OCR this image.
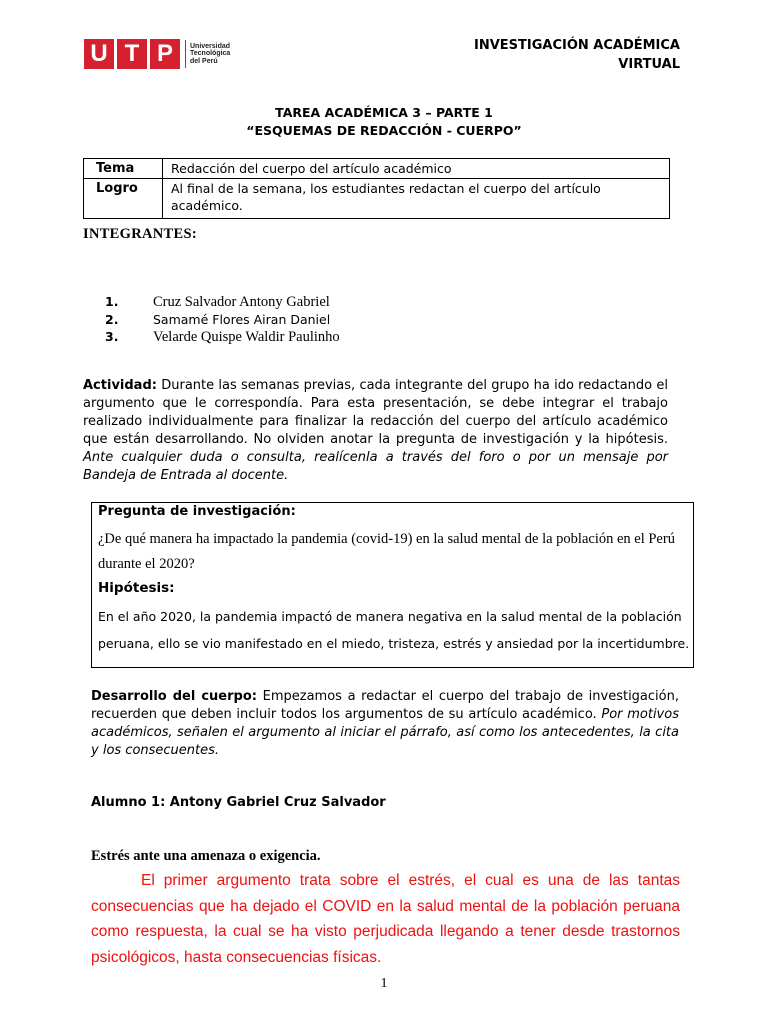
U T P	Universidad
Tecnológica
del Perú
INVESTIGACIÓN ACADÉMICA
VIRTUAL
TAREA ACADÉMICA 3 – PARTE 1
“ESQUEMAS DE REDACCIÓN - CUERPO”
Tema	Redacción del cuerpo del artículo académico
Logro	Al final de la semana, los estudiantes redactan el cuerpo del artículo académico.
INTEGRANTES:
1.	Cruz Salvador Antony Gabriel
2.	Samamé Flores Airan Daniel
3.	Velarde Quispe Waldir Paulinho
Actividad: Durante las semanas previas, cada integrante del grupo ha ido redactando el argumento que le correspondía. Para esta presentación, se debe integrar el trabajo realizado individualmente para finalizar la redacción del cuerpo del artículo académico que están desarrollando. No olviden anotar la pregunta de investigación y la hipótesis. Ante cualquier duda o consulta, realícenla a través del foro o por un mensaje por Bandeja de Entrada al docente.
Pregunta de investigación:
¿De qué manera ha impactado la pandemia (covid-19) en la salud mental de la población en el Perú durante el 2020?
Hipótesis:
En el año 2020, la pandemia impactó de manera negativa en la salud mental de la población peruana, ello se vio manifestado en el miedo, tristeza, estrés y ansiedad por la incertidumbre.
Desarrollo del cuerpo: Empezamos a redactar el cuerpo del trabajo de investigación, recuerden que deben incluir todos los argumentos de su artículo académico. Por motivos académicos, señalen el argumento al iniciar el párrafo, así como los antecedentes, la cita y los consecuentes.
Alumno 1: Antony Gabriel Cruz Salvador
Estrés ante una amenaza o exigencia.
El primer argumento trata sobre el estrés, el cual es una de las tantas consecuencias que ha dejado el COVID en la salud mental de la población peruana como respuesta, la cual se ha visto perjudicada llegando a tener desde trastornos psicológicos, hasta consecuencias físicas.
1
